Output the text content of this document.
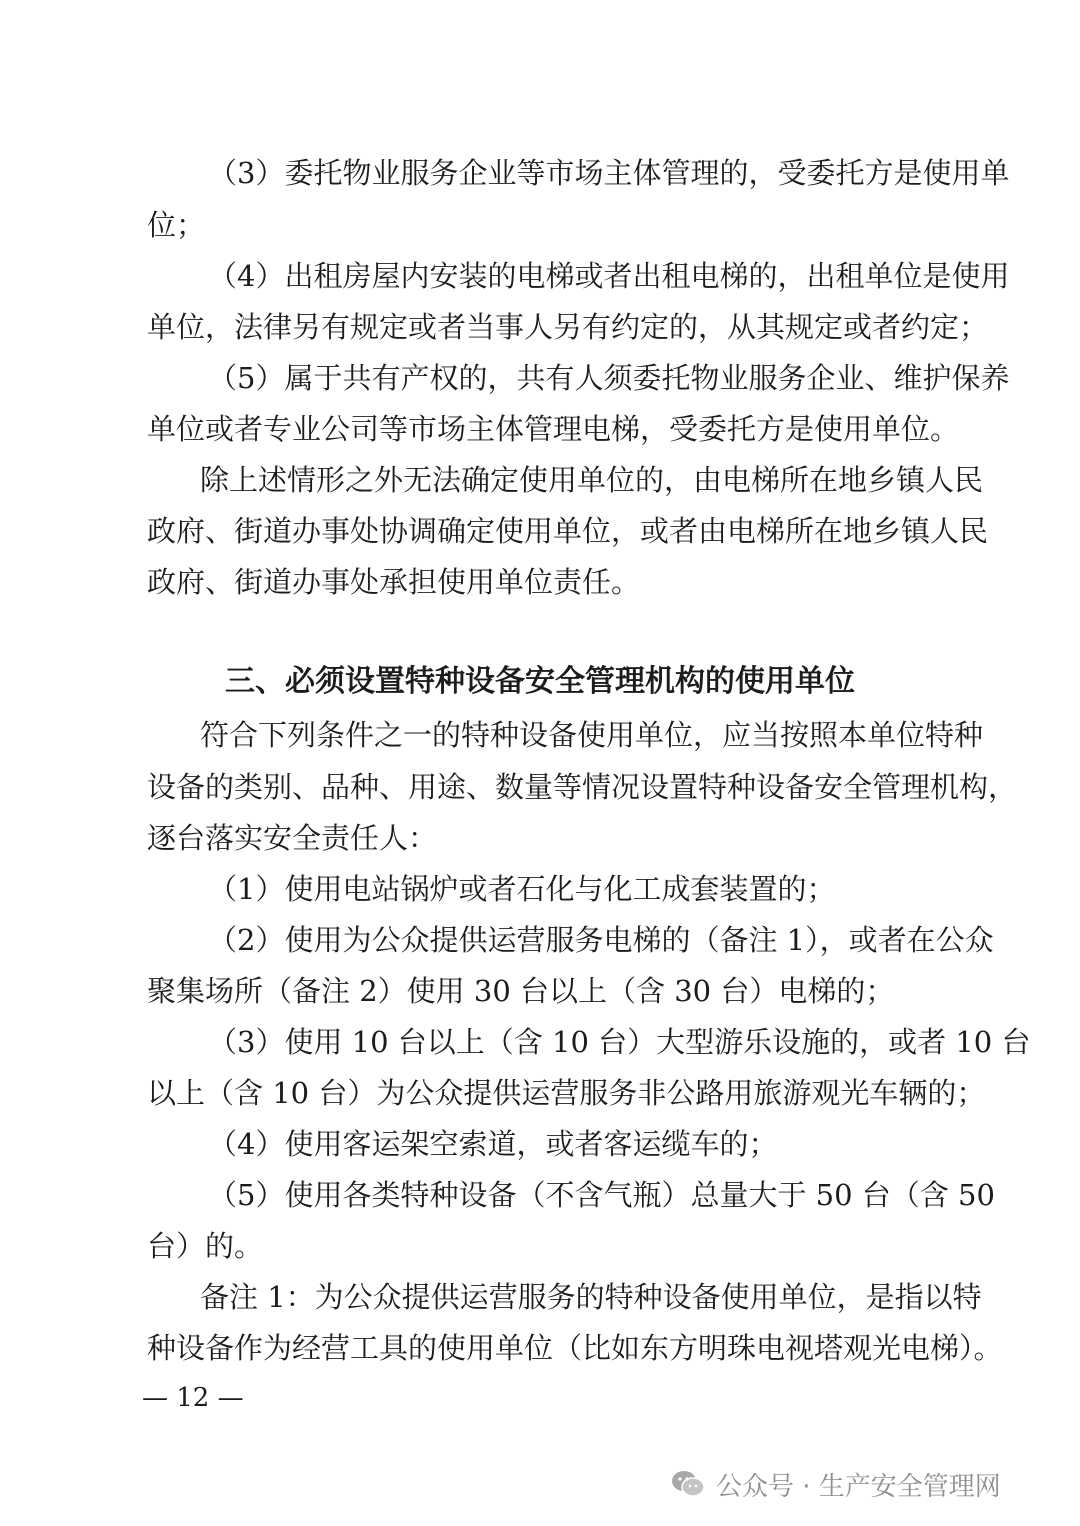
（3）委托物业服务企业等市场主体管理的，受委托方是使用单
位；
（4）出租房屋内安装的电梯或者出租电梯的，出租单位是使用
单位，法律另有规定或者当事人另有约定的，从其规定或者约定；
（5）属于共有产权的，共有人须委托物业服务企业、维护保养
单位或者专业公司等市场主体管理电梯，受委托方是使用单位。
除上述情形之外无法确定使用单位的，由电梯所在地乡镇人民
政府、街道办事处协调确定使用单位，或者由电梯所在地乡镇人民
政府、街道办事处承担使用单位责任。
三、必须设置特种设备安全管理机构的使用单位
符合下列条件之一的特种设备使用单位，应当按照本单位特种
设备的类别、品种、用途、数量等情况设置特种设备安全管理机构，
逐台落实安全责任人：
（1）使用电站锅炉或者石化与化工成套装置的；
（2）使用为公众提供运营服务电梯的（备注 1），或者在公众
聚集场所（备注 2）使用 30 台以上（含 30 台）电梯的；
（3）使用 10 台以上（含 10 台）大型游乐设施的，或者 10 台
以上（含 10 台）为公众提供运营服务非公路用旅游观光车辆的；
（4）使用客运架空索道，或者客运缆车的；
（5）使用各类特种设备（不含气瓶）总量大于 50 台（含 50
台）的。
备注 1：为公众提供运营服务的特种设备使用单位，是指以特
种设备作为经营工具的使用单位（比如东方明珠电视塔观光电梯）。
— 12 —
公众号 · 生产安全管理网
